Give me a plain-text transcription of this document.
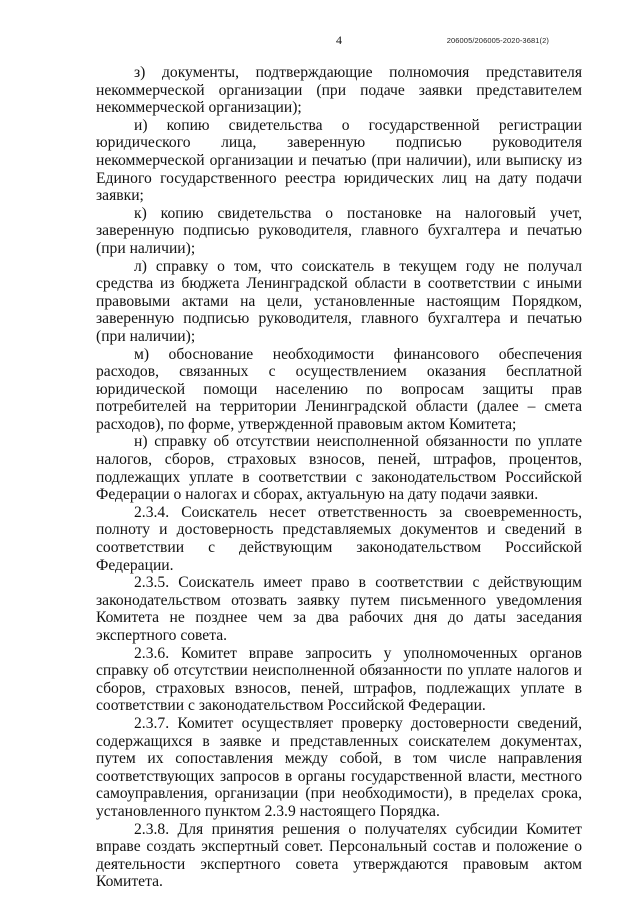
206005/206005-2020-3681(2)
4

з) документы, подтверждающие полномочия представителя некоммерческой организации (при подаче заявки представителем некоммерческой организации);

и) копию свидетельства о государственной регистрации юридического лица, заверенную подписью руководителя некоммерческой организации и печатью (при наличии), или выписку из Единого государственного реестра юридических лиц на дату подачи заявки;

к) копию свидетельства о постановке на налоговый учет, заверенную подписью руководителя, главного бухгалтера и печатью (при наличии);

л) справку о том, что соискатель в текущем году не получал средства из бюджета Ленинградской области в соответствии с иными правовыми актами на цели, установленные настоящим Порядком, заверенную подписью руководителя, главного бухгалтера и печатью (при наличии);

м) обоснование необходимости финансового обеспечения расходов, связанных с осуществлением оказания бесплатной юридической помощи населению по вопросам защиты прав потребителей на территории Ленинградской области (далее – смета расходов), по форме, утвержденной правовым актом Комитета;

н) справку об отсутствии неисполненной обязанности по уплате налогов, сборов, страховых взносов, пеней, штрафов, процентов, подлежащих уплате в соответствии с законодательством Российской Федерации о налогах и сборах, актуальную на дату подачи заявки.

2.3.4. Соискатель несет ответственность за своевременность, полноту и достоверность представляемых документов и сведений в соответствии с действующим законодательством Российской Федерации.

2.3.5. Соискатель имеет право в соответствии с действующим законодательством отозвать заявку путем письменного уведомления Комитета не позднее чем за два рабочих дня до даты заседания экспертного совета.

2.3.6. Комитет вправе запросить у уполномоченных органов справку об отсутствии неисполненной обязанности по уплате налогов и сборов, страховых взносов, пеней, штрафов, подлежащих уплате в соответствии с законодательством Российской Федерации.

2.3.7. Комитет осуществляет проверку достоверности сведений, содержащихся в заявке и представленных соискателем документах, путем их сопоставления между собой, в том числе направления соответствующих запросов в органы государственной власти, местного самоуправления, организации (при необходимости), в пределах срока, установленного пунктом 2.3.9 настоящего Порядка.

2.3.8. Для принятия решения о получателях субсидии Комитет вправе создать экспертный совет. Персональный состав и положение о деятельности экспертного совета утверждаются правовым актом Комитета.
